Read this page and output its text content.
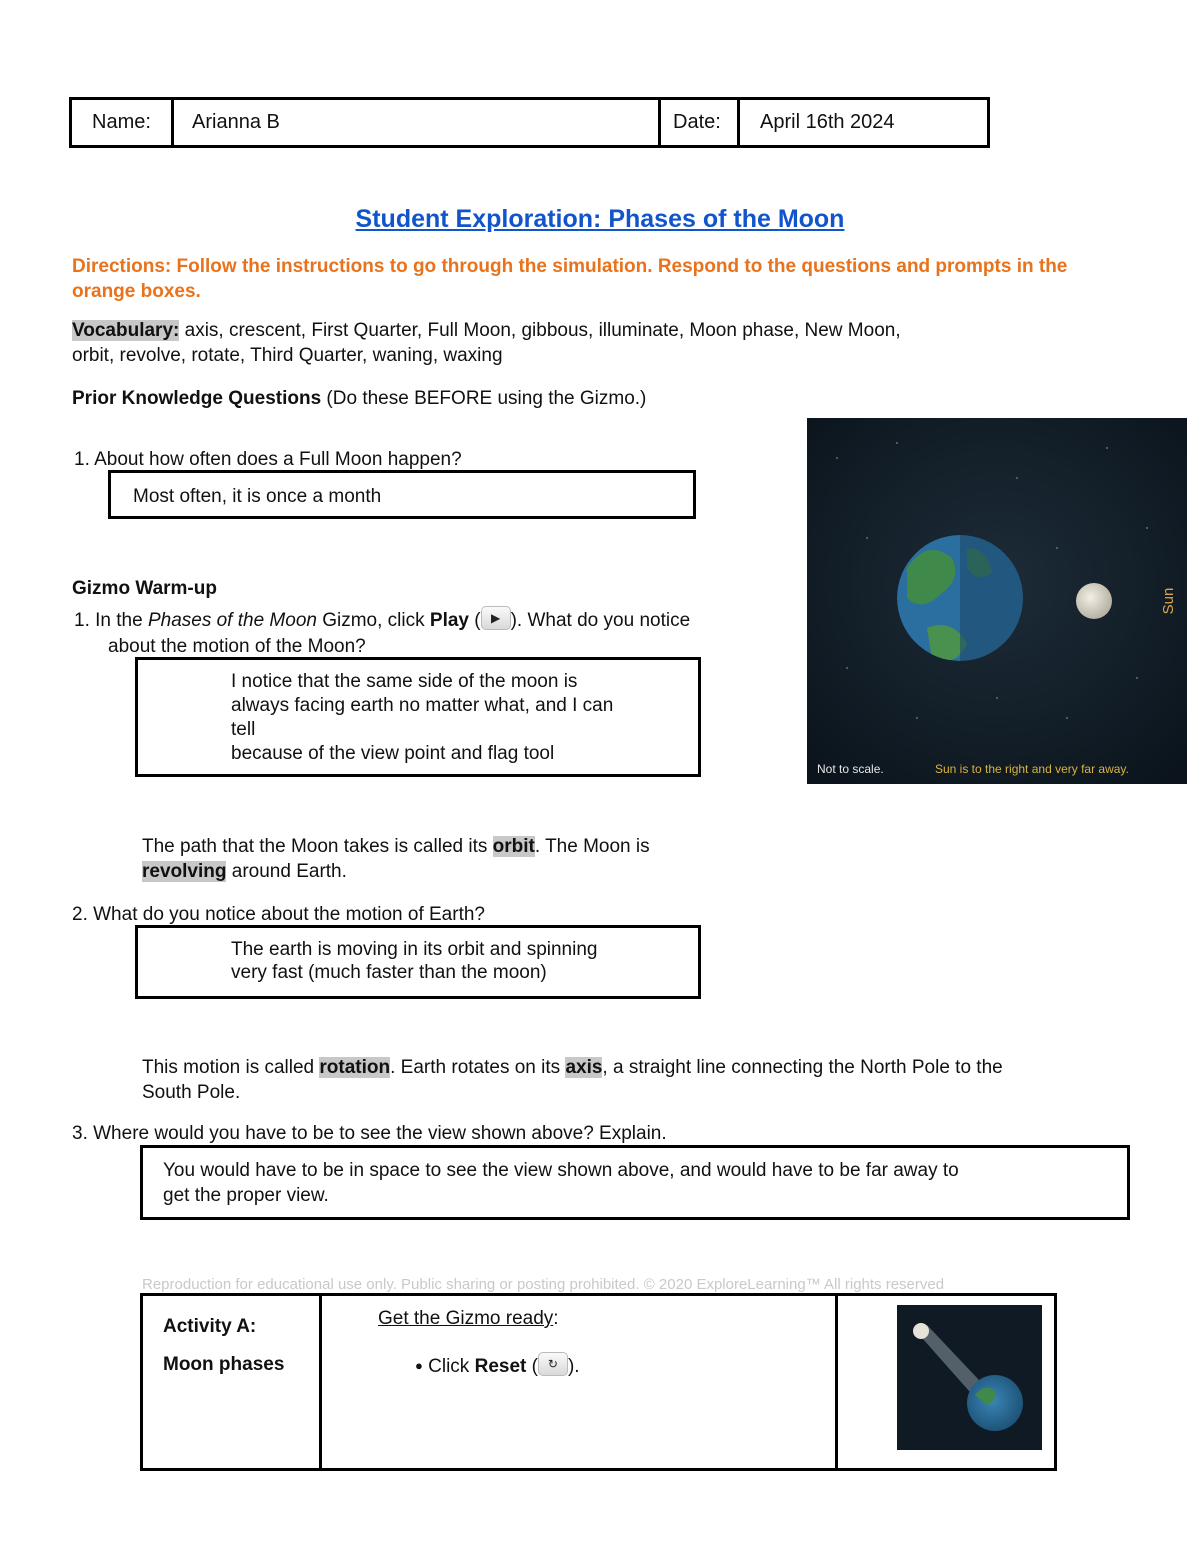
Name:	Arianna B	Date:	April 16th 2024
Student Exploration: Phases of the Moon
Directions: Follow the instructions to go through the simulation. Respond to the questions and prompts in the orange boxes.
Vocabulary: axis, crescent, First Quarter, Full Moon, gibbous, illuminate, Moon phase, New Moon,
orbit, revolve, rotate, Third Quarter, waning, waxing
Prior Knowledge Questions (Do these BEFORE using the Gizmo.)
1. About how often does a Full Moon happen?
Most often, it is once a month
Sun
Not to scale.	Sun is to the right and very far away.
Gizmo Warm-up
1. In the Phases of the Moon Gizmo, click Play ( ▶ ). What do you notice
about the motion of the Moon?
I notice that the same side of the moon is
always facing earth no matter what, and I can
tell
because of the view point and flag tool
The path that the Moon takes is called its orbit. The Moon is
revolving around Earth.
2. What do you notice about the motion of Earth?
The earth is moving in its orbit and spinning
very fast (much faster than the moon)
This motion is called rotation. Earth rotates on its axis, a straight line connecting the North Pole to the
South Pole.
3. Where would you have to be to see the view shown above? Explain.
You would have to be in space to see the view shown above, and would have to be far away to
get the proper view.
Reproduction for educational use only. Public sharing or posting prohibited. © 2020 ExploreLearning™ All rights reserved
Activity A:
Moon phases
Get the Gizmo ready:
● Click Reset ( ↻ ).
